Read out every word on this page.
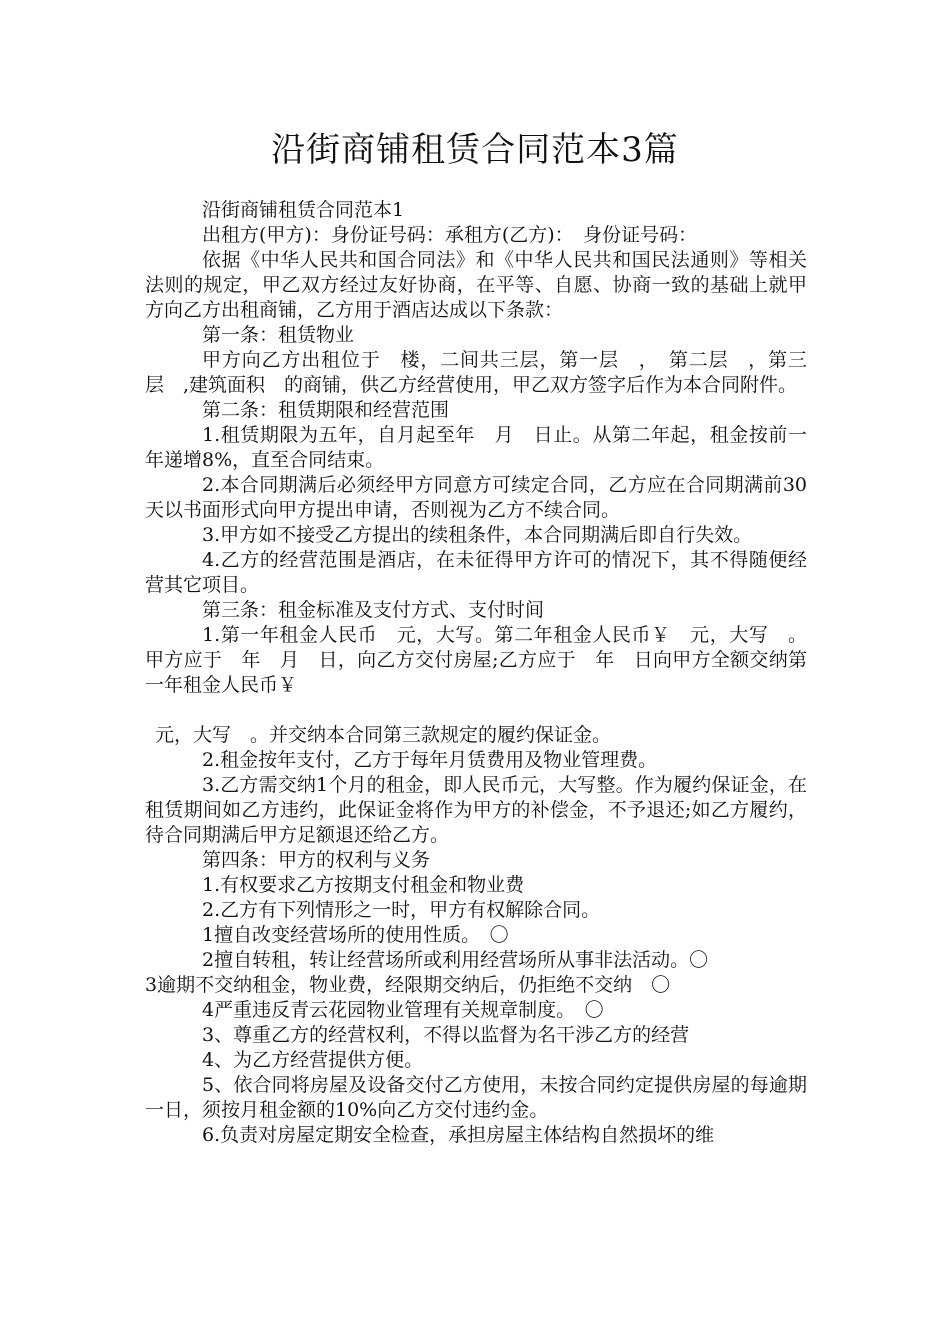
沿街商铺租赁合同范本3篇

沿街商铺租赁合同范本1

出租方(甲方)：身份证号码：承租方(乙方)：　身份证号码：

依据《中华人民共和国合同法》和《中华人民共和国民法通则》等相关法则的规定，甲乙双方经过友好协商，在平等、自愿、协商一致的基础上就甲方向乙方出租商铺，乙方用于酒店达成以下条款：

第一条：租赁物业

甲方向乙方出租位于　楼，二间共三层，第一层　，　第二层　，第三层　,建筑面积　的商铺，供乙方经营使用，甲乙双方签字后作为本合同附件。

第二条：租赁期限和经营范围

1.租赁期限为五年，自月起至年　月　日止。从第二年起，租金按前一年递增8%，直至合同结束。

2.本合同期满后必须经甲方同意方可续定合同，乙方应在合同期满前30天以书面形式向甲方提出申请，否则视为乙方不续合同。

3.甲方如不接受乙方提出的续租条件，本合同期满后即自行失效。

4.乙方的经营范围是酒店，在未征得甲方许可的情况下，其不得随便经营其它项目。

第三条：租金标准及支付方式、支付时间

1.第一年租金人民币　元，大写。第二年租金人民币￥　元，大写　。甲方应于　年　月　日，向乙方交付房屋;乙方应于　年　日向甲方全额交纳第一年租金人民币￥

元，大写　。并交纳本合同第三款规定的履约保证金。

2.租金按年支付，乙方于每年月赁费用及物业管理费。

3.乙方需交纳1个月的租金，即人民币元，大写整。作为履约保证金，在租赁期间如乙方违约，此保证金将作为甲方的补偿金，不予退还;如乙方履约，待合同期满后甲方足额退还给乙方。

第四条：甲方的权利与义务

1.有权要求乙方按期支付租金和物业费

2.乙方有下列情形之一时，甲方有权解除合同。

1擅自改变经营场所的使用性质。　〇

2擅自转租，转让经营场所或利用经营场所从事非法活动。〇

3逾期不交纳租金，物业费，经限期交纳后，仍拒绝不交纳　〇

4严重违反青云花园物业管理有关规章制度。　〇

3、尊重乙方的经营权利，不得以监督为名干涉乙方的经营

4、为乙方经营提供方便。

5、依合同将房屋及设备交付乙方使用，未按合同约定提供房屋的每逾期一日，须按月租金额的10%向乙方交付违约金。

6.负责对房屋定期安全检查，承担房屋主体结构自然损坏的维
